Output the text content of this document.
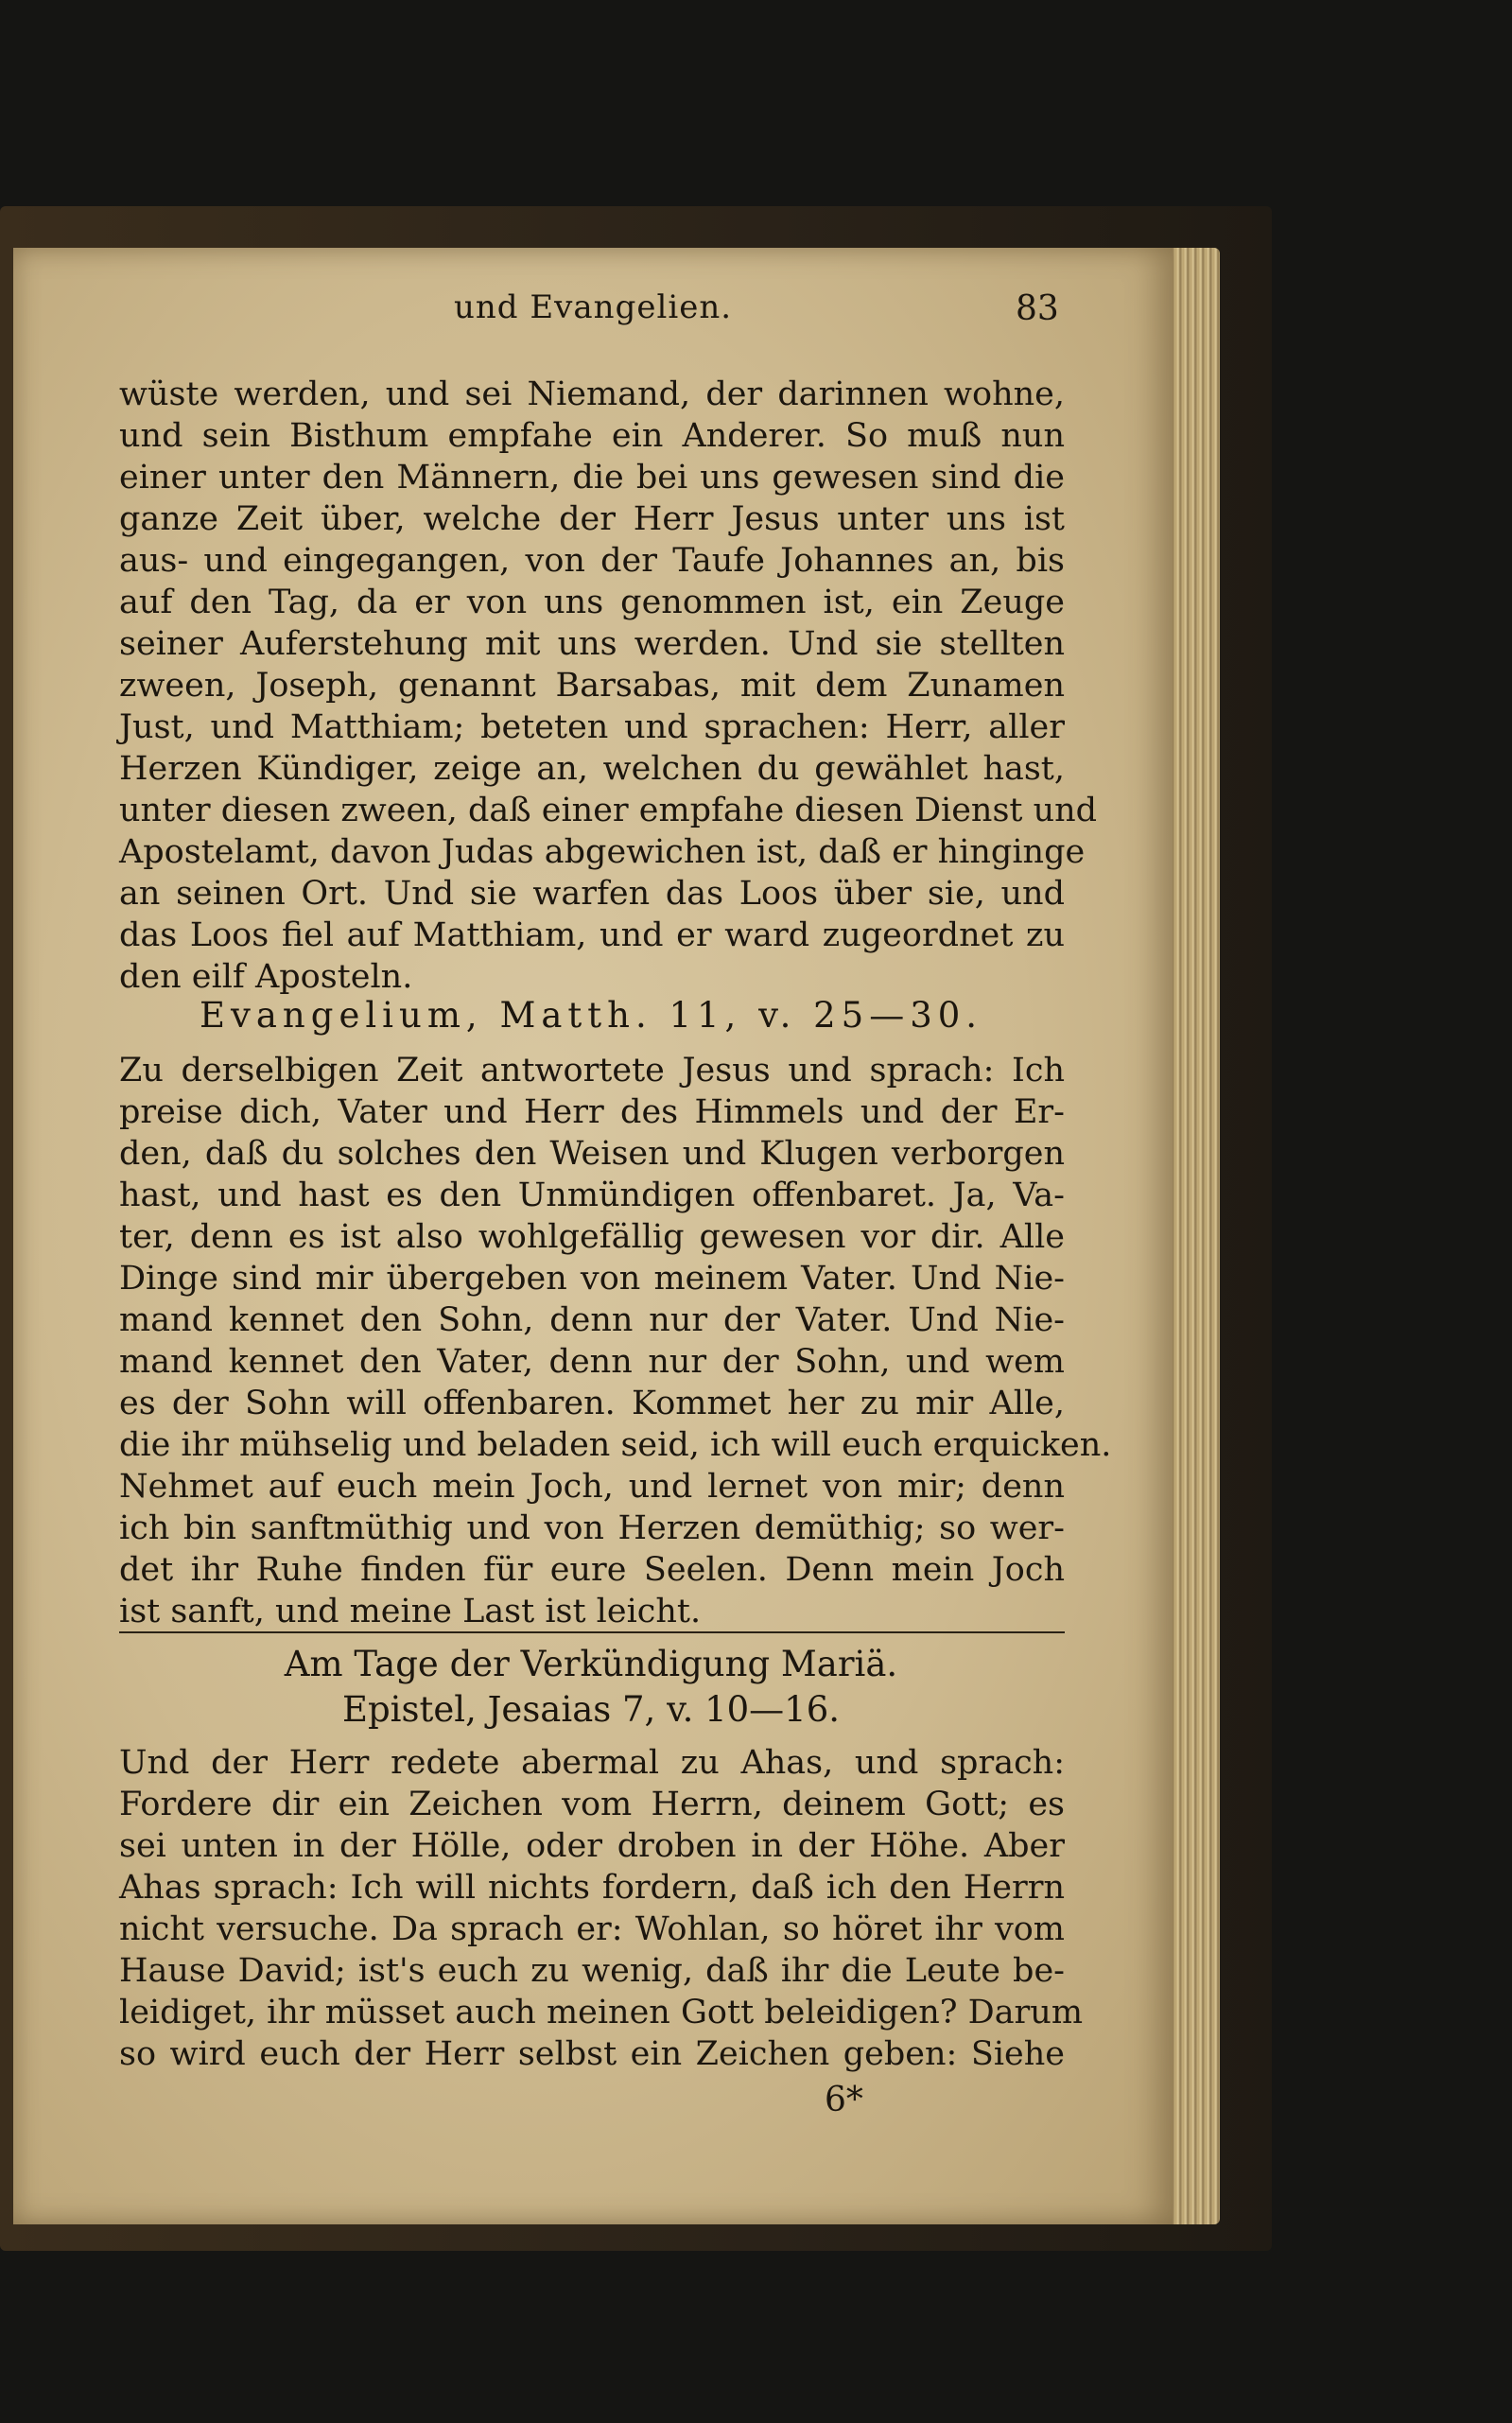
und Evangelien.	83
wüste werden, und sei Niemand, der darinnen wohne,
und sein Bisthum empfahe ein Anderer. So muß nun
einer unter den Männern, die bei uns gewesen sind die
ganze Zeit über, welche der Herr Jesus unter uns ist
aus- und eingegangen, von der Taufe Johannes an, bis
auf den Tag, da er von uns genommen ist, ein Zeuge
seiner Auferstehung mit uns werden. Und sie stellten
zween, Joseph, genannt Barsabas, mit dem Zunamen
Just, und Matthiam; beteten und sprachen: Herr, aller
Herzen Kündiger, zeige an, welchen du gewählet hast,
unter diesen zween, daß einer empfahe diesen Dienst und
Apostelamt, davon Judas abgewichen ist, daß er hinginge
an seinen Ort. Und sie warfen das Loos über sie, und
das Loos fiel auf Matthiam, und er ward zugeordnet zu
den eilf Aposteln.
Evangelium, Matth. 11, v. 25—30.
Zu derselbigen Zeit antwortete Jesus und sprach: Ich
preise dich, Vater und Herr des Himmels und der Er-
den, daß du solches den Weisen und Klugen verborgen
hast, und hast es den Unmündigen offenbaret. Ja, Va-
ter, denn es ist also wohlgefällig gewesen vor dir. Alle
Dinge sind mir übergeben von meinem Vater. Und Nie-
mand kennet den Sohn, denn nur der Vater. Und Nie-
mand kennet den Vater, denn nur der Sohn, und wem
es der Sohn will offenbaren. Kommet her zu mir Alle,
die ihr mühselig und beladen seid, ich will euch erquicken.
Nehmet auf euch mein Joch, und lernet von mir; denn
ich bin sanftmüthig und von Herzen demüthig; so wer-
det ihr Ruhe finden für eure Seelen. Denn mein Joch
ist sanft, und meine Last ist leicht.
Am Tage der Verkündigung Mariä.
Epistel, Jesaias 7, v. 10—16.
Und der Herr redete abermal zu Ahas, und sprach:
Fordere dir ein Zeichen vom Herrn, deinem Gott; es
sei unten in der Hölle, oder droben in der Höhe. Aber
Ahas sprach: Ich will nichts fordern, daß ich den Herrn
nicht versuche. Da sprach er: Wohlan, so höret ihr vom
Hause David; ist's euch zu wenig, daß ihr die Leute be-
leidiget, ihr müsset auch meinen Gott beleidigen? Darum
so wird euch der Herr selbst ein Zeichen geben: Siehe
6*
